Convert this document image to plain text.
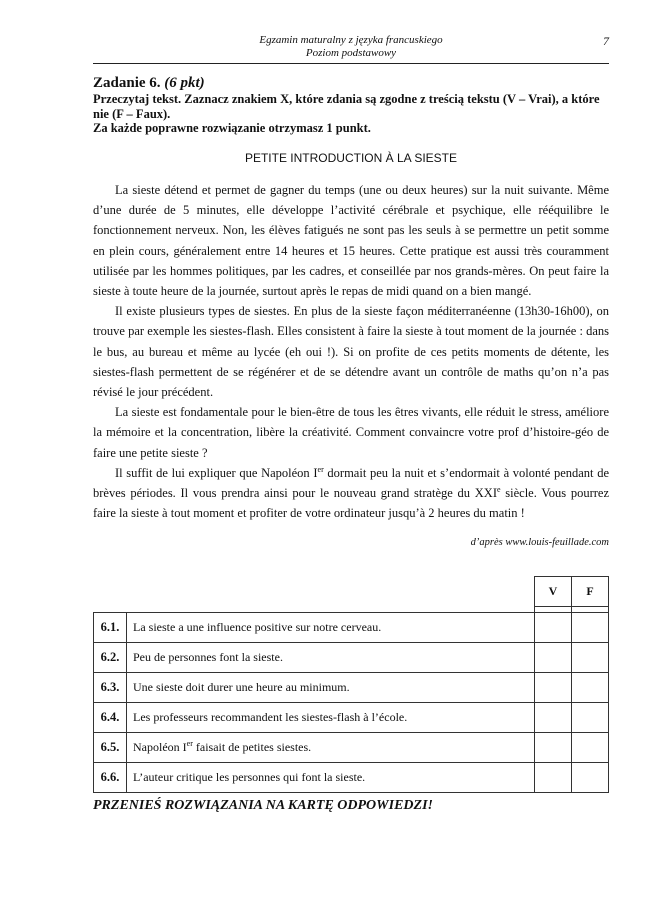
Egzamin maturalny z języka francuskiego
Poziom podstawowy
7
Zadanie 6. (6 pkt)
Przeczytaj tekst. Zaznacz znakiem X, które zdania są zgodne z treścią tekstu (V – Vrai), a które nie (F – Faux).
Za każde poprawne rozwiązanie otrzymasz 1 punkt.
PETITE INTRODUCTION À LA SIESTE

La sieste détend et permet de gagner du temps (une ou deux heures) sur la nuit suivante. Même d’une durée de 5 minutes, elle développe l’activité cérébrale et psychique, elle rééquilibre le fonctionnement nerveux. Non, les élèves fatigués ne sont pas les seuls à se permettre un petit somme en plein cours, généralement entre 14 heures et 15 heures. Cette pratique est aussi très couramment utilisée par les hommes politiques, par les cadres, et conseillée par nos grands-mères. On peut faire la sieste à toute heure de la journée, surtout après le repas de midi quand on a bien mangé.

Il existe plusieurs types de siestes. En plus de la sieste façon méditerranéenne (13h30-16h00), on trouve par exemple les siestes-flash. Elles consistent à faire la sieste à tout moment de la journée : dans le bus, au bureau et même au lycée (eh oui !). Si on profite de ces petits moments de détente, les siestes-flash permettent de se régénérer et de se détendre avant un contrôle de maths qu’on n’a pas révisé le jour précédent.

La sieste est fondamentale pour le bien-être de tous les êtres vivants, elle réduit le stress, améliore la mémoire et la concentration, libère la créativité. Comment convaincre votre prof d’histoire-géo de faire une petite sieste ?

Il suffit de lui expliquer que Napoléon Ier dormait peu la nuit et s’endormait à volonté pendant de brèves périodes. Il vous prendra ainsi pour le nouveau grand stratège du XXIe siècle. Vous pourrez faire la sieste à tout moment et profiter de votre ordinateur jusqu’à 2 heures du matin !

d’après www.louis-feuillade.com
		V	F

6.1.	La sieste a une influence positive sur notre cerveau.		
6.2.	Peu de personnes font la sieste.		
6.3.	Une sieste doit durer une heure au minimum.		
6.4.	Les professeurs recommandent les siestes-flash à l’école.		
6.5.	Napoléon Ier faisait de petites siestes.		
6.6.	L’auteur critique les personnes qui font la sieste.		
PRZENIEŚ ROZWIĄZANIA NA KARTĘ ODPOWIEDZI!
